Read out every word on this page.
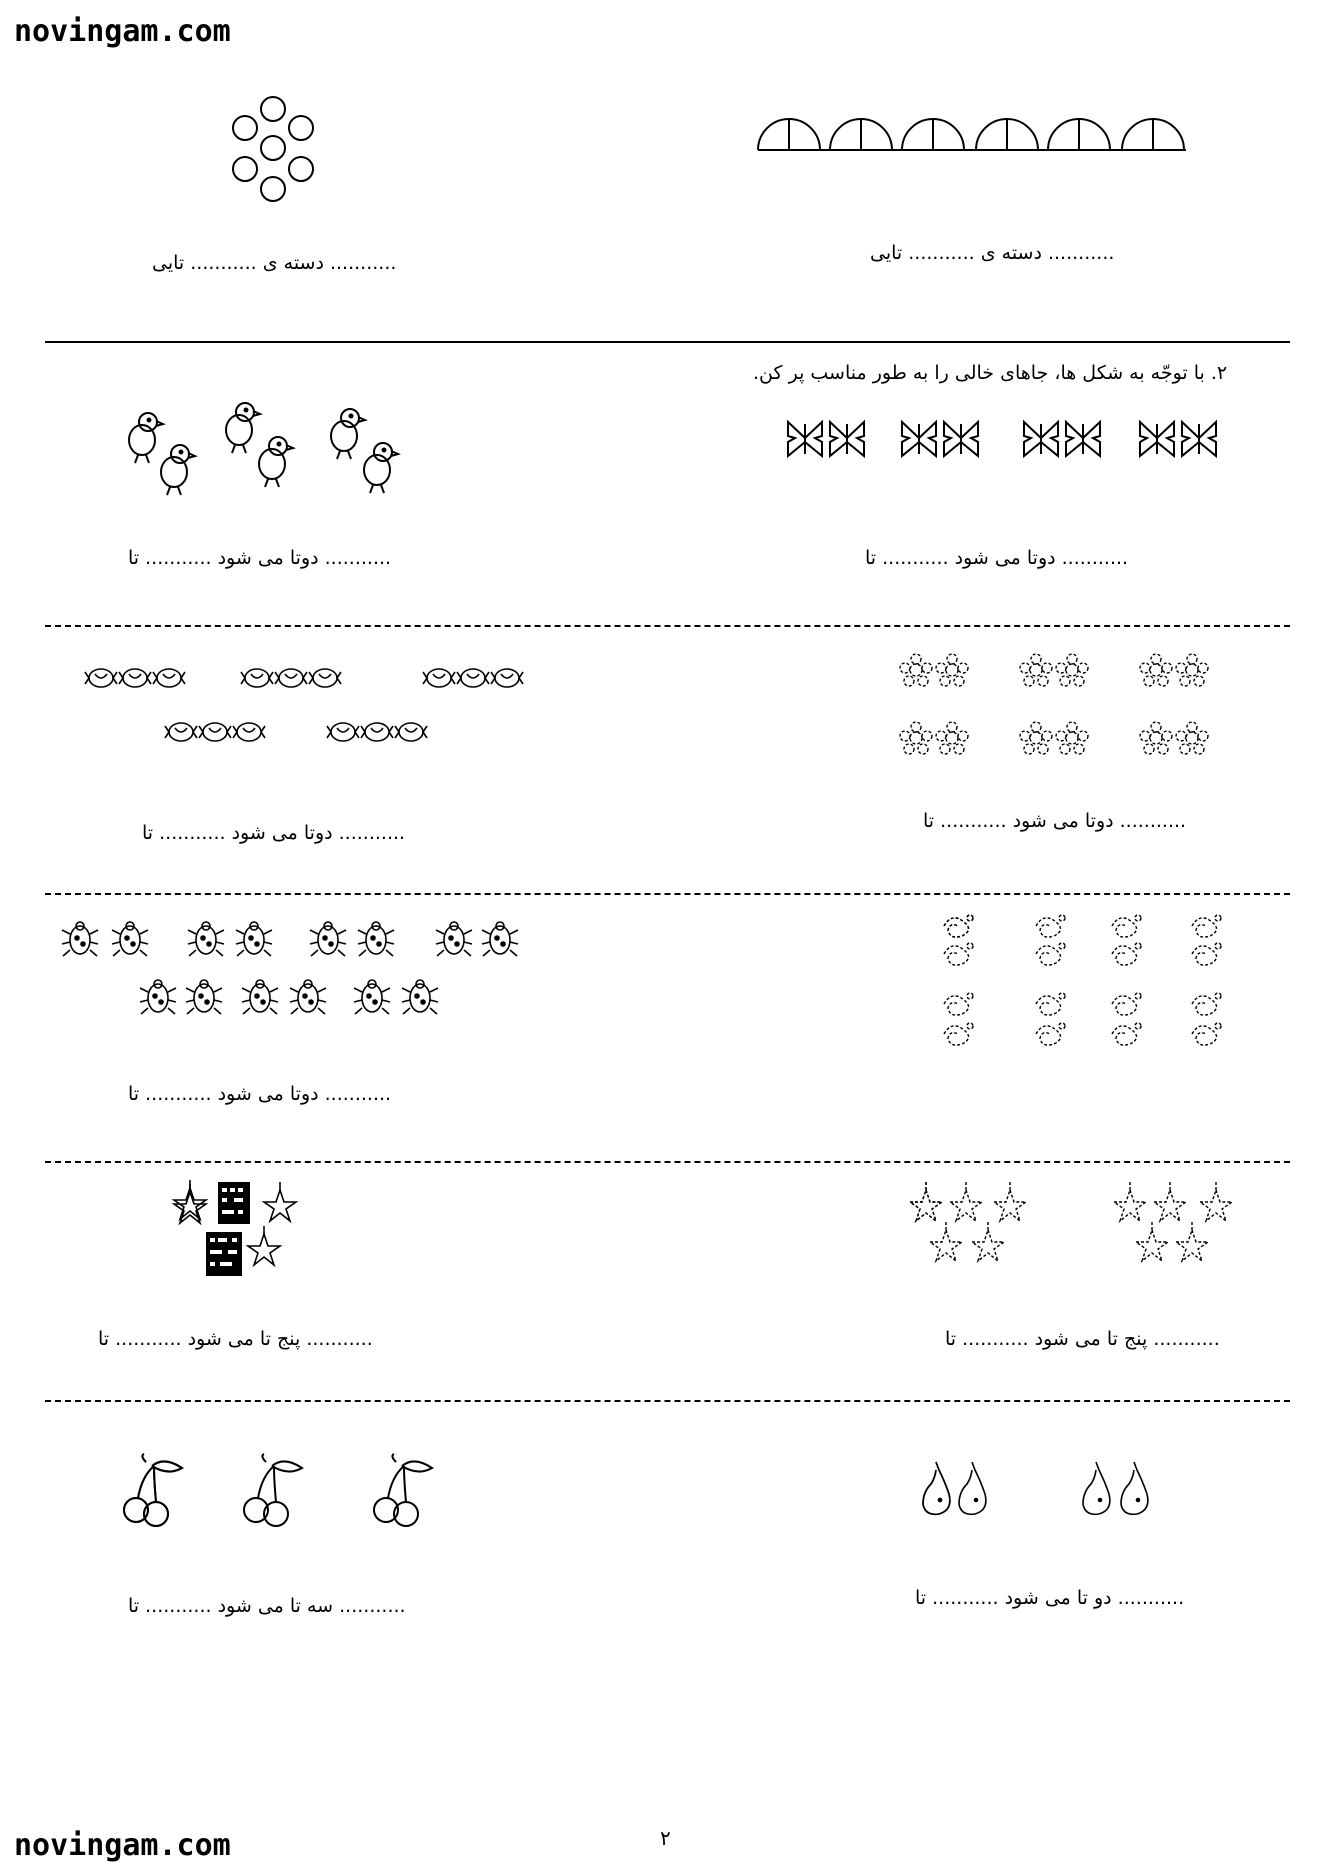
novingam.com
........... دسته ی ........... تایی	........... دسته ی ........... تایی
۲. با توجّه به شکل ها، جاهای خالی را به طور مناسب پر کن.
........... دوتا می شود ........... تا	........... دوتا می شود ........... تا
........... دوتا می شود ........... تا
........... دوتا می شود ........... تا
........... دوتا می شود ........... تا
........... پنج تا می شود ........... تا	........... پنج تا می شود ........... تا
........... سه تا می شود ........... تا	........... دو تا می شود ........... تا
novingam.com	۲
